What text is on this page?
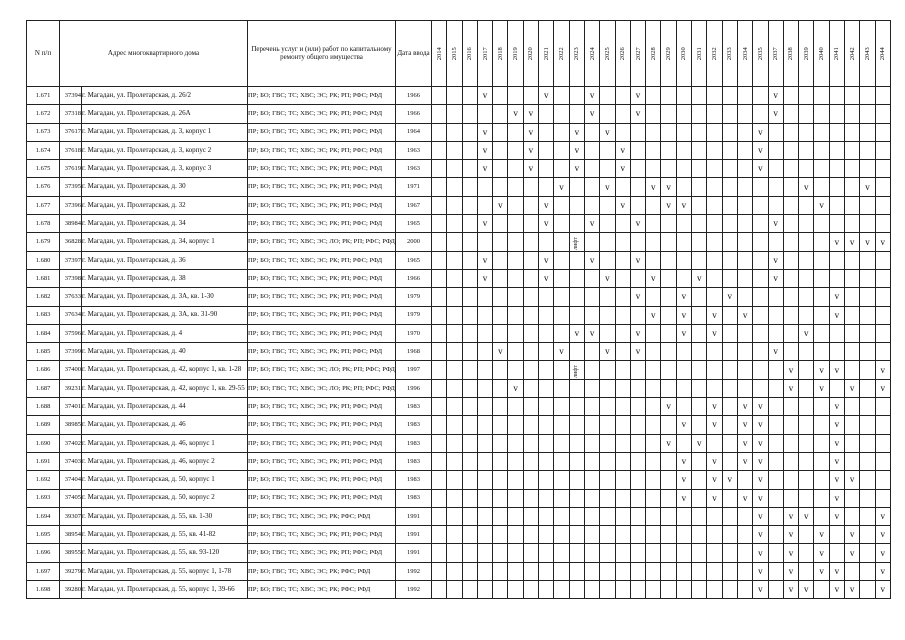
N п/п	Адрес многоквартирного дома		Перечень услуг и (или) работ по капитальному ремонту общего имущества	Дата ввода	2014	2015	2016	2017	2018	2019	2020	2021	2022	2023	2024	2025	2026	2027	2028	2029	2030	2031	2032	2033	2034	2035	2037	2038	2039	2040	2041	2042	2043	2044
1.671	37394	г. Магадан, ул. Пролетарская, д. 26/2	ПР; БО; ГВС; ТС; ХВС; ЭС; РК; РП; РФС; РФД	1966				v				v			v			v									v							
1.672	37318	г. Магадан, ул. Пролетарская, д. 26А	ПР; БО; ГВС; ТС; ХВС; ЭС; РК; РП; РФС; РФД	1966						v	v				v			v									v							
1.673	37617	г. Магадан, ул. Пролетарская, д. 3, корпус 1	ПР; БО; ГВС; ТС; ХВС; ЭС; РК; РП; РФС; РФД	1964				v			v			v		v										v								
1.674	37618	г. Магадан, ул. Пролетарская, д. 3, корпус 2	ПР; БО; ГВС; ТС; ХВС; ЭС; РК; РП; РФС; РФД	1963				v			v			v			v									v								
1.675	37619	г. Магадан, ул. Пролетарская, д. 3, корпус 3	ПР; БО; ГВС; ТС; ХВС; ЭС; РК; РП; РФС; РФД	1963				v			v			v			v									v								
1.676	37395	г. Магадан, ул. Пролетарская, д. 30	ПР; БО; ГВС; ТС; ХВС; ЭС; РК; РП; РФС; РФД	1971									v			v			v	v									v				v	
1.677	37396	г. Магадан, ул. Пролетарская, д. 32	ПР; БО; ГВС; ТС; ХВС; ЭС; РК; РП; РФС; РФД	1967					v			v					v			v	v									v				
1.678	38984	г. Магадан, ул. Пролетарская, д. 34	ПР; БО; ГВС; ТС; ХВС; ЭС; РК; РП; РФС; РФД	1965				v				v			v			v									v							
1.679	36828	г. Магадан, ул. Пролетарская, д. 34, корпус 1	ПР; БО; ГВС; ТС; ХВС; ЭС; ЛО; РК; РП; РФС; РФД	2000										лифт																	v	v	v	v
1.680	37397	г. Магадан, ул. Пролетарская, д. 36	ПР; БО; ГВС; ТС; ХВС; ЭС; РК; РП; РФС; РФД	1965				v				v			v			v									v							
1.681	37398	г. Магадан, ул. Пролетарская, д. 38	ПР; БО; ГВС; ТС; ХВС; ЭС; РК; РП; РФС; РФД	1966				v				v				v			v			v					v							
1.682	37633	г. Магадан, ул. Пролетарская, д. 3А, кв. 1-30	ПР; БО; ГВС; ТС; ХВС; ЭС; РК; РП; РФС; РФД	1979														v			v			v							v			
1.683	37634	г. Магадан, ул. Пролетарская, д. 3А, кв. 31-90	ПР; БО; ГВС; ТС; ХВС; ЭС; РК; РП; РФС; РФД	1979															v		v		v		v						v			
1.684	37596	г. Магадан, ул. Пролетарская, д. 4	ПР; БО; ГВС; ТС; ХВС; ЭС; РК; РП; РФС; РФД	1970										v	v			v			v		v						v					
1.685	37399	г. Магадан, ул. Пролетарская, д. 40	ПР; БО; ГВС; ТС; ХВС; ЭС; РК; РП; РФС; РФД	1968					v				v			v		v									v							
1.686	37400	г. Магадан, ул. Пролетарская, д. 42, корпус 1, кв. 1-28	ПР; БО; ГВС; ТС; ХВС; ЭС; ЛО; РК; РП; РФС; РФД	1997										лифт														v		v	v			v
1.687	39231	г. Магадан, ул. Пролетарская, д. 42, корпус 1, кв. 29-55	ПР; БО; ГВС; ТС; ХВС; ЭС; ЛО; РК; РП; РФС; РФД	1996						v																		v		v		v		v
1.688	37401	г. Магадан, ул. Пролетарская, д. 44	ПР; БО; ГВС; ТС; ХВС; ЭС; РК; РП; РФС; РФД	1983																v			v		v	v					v			
1.689	38985	г. Магадан, ул. Пролетарская, д. 46	ПР; БО; ГВС; ТС; ХВС; ЭС; РК; РП; РФС; РФД	1983																	v		v		v	v					v			
1.690	37402	г. Магадан, ул. Пролетарская, д. 46, корпус 1	ПР; БО; ГВС; ТС; ХВС; ЭС; РК; РП; РФС; РФД	1983																v		v			v	v					v			
1.691	37403	г. Магадан, ул. Пролетарская, д. 46, корпус 2	ПР; БО; ГВС; ТС; ХВС; ЭС; РК; РП; РФС; РФД	1983																	v		v		v	v					v			
1.692	37404	г. Магадан, ул. Пролетарская, д. 50, корпус 1	ПР; БО; ГВС; ТС; ХВС; ЭС; РК; РП; РФС; РФД	1983																	v		v	v		v					v	v		
1.693	37405	г. Магадан, ул. Пролетарская, д. 50, корпус 2	ПР; БО; ГВС; ТС; ХВС; ЭС; РК; РП; РФС; РФД	1983																	v		v		v	v					v			
1.694	39307	г. Магадан, ул. Пролетарская, д. 55, кв. 1-30	ПР; БО; ГВС; ТС; ХВС; ЭС; РК; РФС; РФД	1991																						v		v	v		v			v
1.695	38954	г. Магадан, ул. Пролетарская, д. 55, кв. 41-82	ПР; БО; ГВС; ТС; ХВС; ЭС; РК; РП; РФС; РФД	1991																						v		v		v		v		v
1.696	38955	г. Магадан, ул. Пролетарская, д. 55, кв. 93-120	ПР; БО; ГВС; ТС; ХВС; ЭС; РК; РП; РФС; РФД	1991																						v		v		v		v		v
1.697	39279	г. Магадан, ул. Пролетарская, д. 55, корпус 1, 1-78	ПР; БО; ГВС; ТС; ХВС; ЭС; РК; РФС; РФД	1992																						v		v		v	v			v
1.698	39280	г. Магадан, ул. Пролетарская, д. 55, корпус 1, 39-66	ПР; БО; ГВС; ТС; ХВС; ЭС; РК; РФС; РФД	1992																						v		v	v		v	v		v
